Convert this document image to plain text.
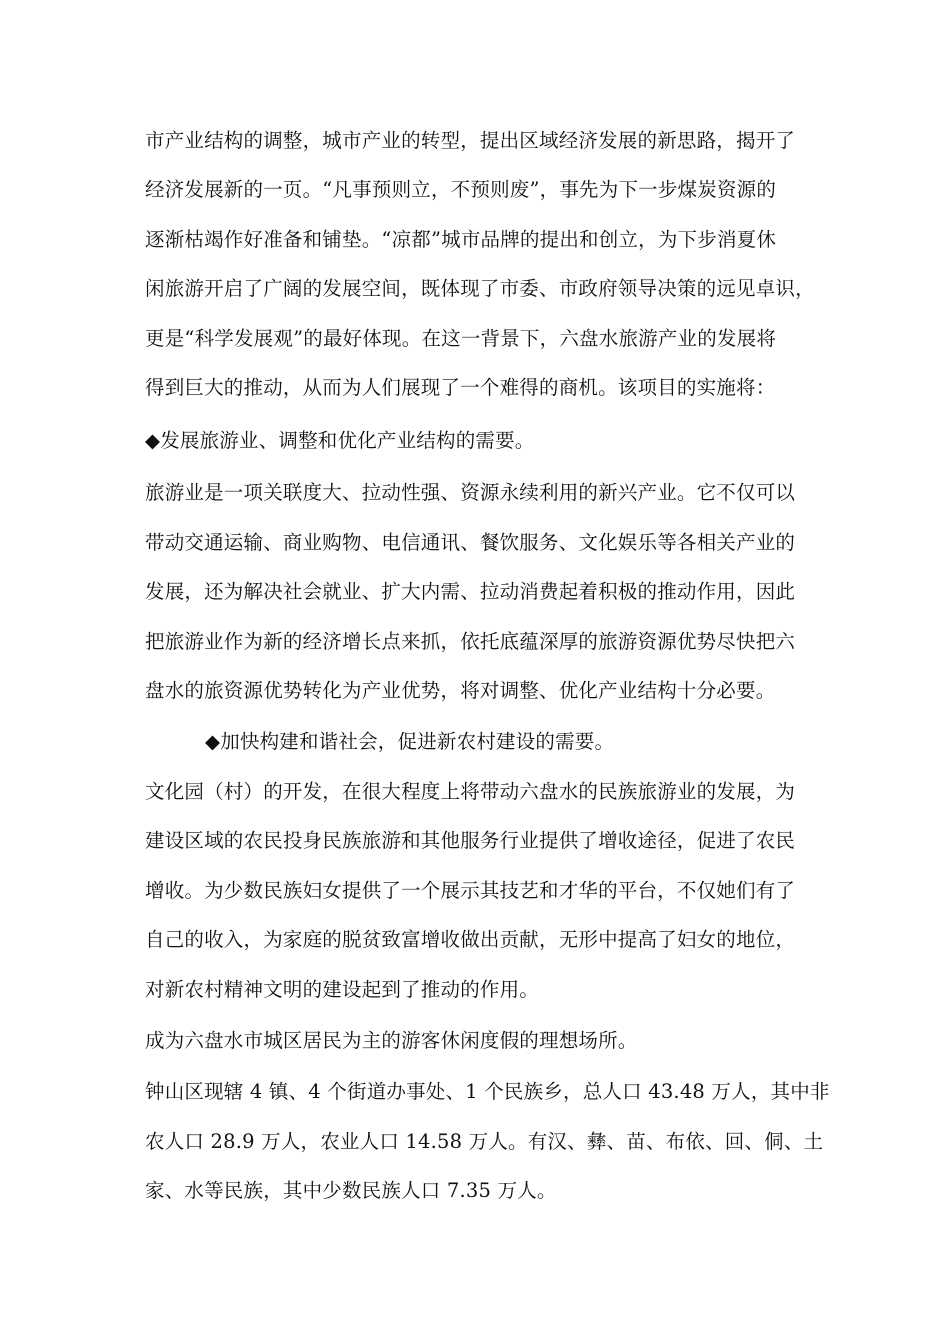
市产业结构的调整，城市产业的转型，提出区域经济发展的新思路，揭开了
经济发展新的一页。“凡事预则立，不预则废”，事先为下一步煤炭资源的
逐渐枯竭作好准备和铺垫。“凉都”城市品牌的提出和创立，为下步消夏休
闲旅游开启了广阔的发展空间，既体现了市委、市政府领导决策的远见卓识，
更是“科学发展观”的最好体现。在这一背景下，六盘水旅游产业的发展将
得到巨大的推动，从而为人们展现了一个难得的商机。该项目的实施将：
◆发展旅游业、调整和优化产业结构的需要。
旅游业是一项关联度大、拉动性强、资源永续利用的新兴产业。它不仅可以
带动交通运输、商业购物、电信通讯、餐饮服务、文化娱乐等各相关产业的
发展，还为解决社会就业、扩大内需、拉动消费起着积极的推动作用，因此
把旅游业作为新的经济增长点来抓，依托底蕴深厚的旅游资源优势尽快把六
盘水的旅资源优势转化为产业优势，将对调整、优化产业结构十分必要。
◆加快构建和谐社会，促进新农村建设的需要。
文化园（村）的开发，在很大程度上将带动六盘水的民族旅游业的发展，为
建设区域的农民投身民族旅游和其他服务行业提供了增收途径，促进了农民
增收。为少数民族妇女提供了一个展示其技艺和才华的平台，不仅她们有了
自己的收入，为家庭的脱贫致富增收做出贡献，无形中提高了妇女的地位，
对新农村精神文明的建设起到了推动的作用。
成为六盘水市城区居民为主的游客休闲度假的理想场所。
钟山区现辖 4 镇、4 个街道办事处、1 个民族乡，总人口 43.48 万人，其中非
农人口 28.9 万人，农业人口 14.58 万人。有汉、彝、苗、布依、回、侗、土
家、水等民族，其中少数民族人口 7.35 万人。
